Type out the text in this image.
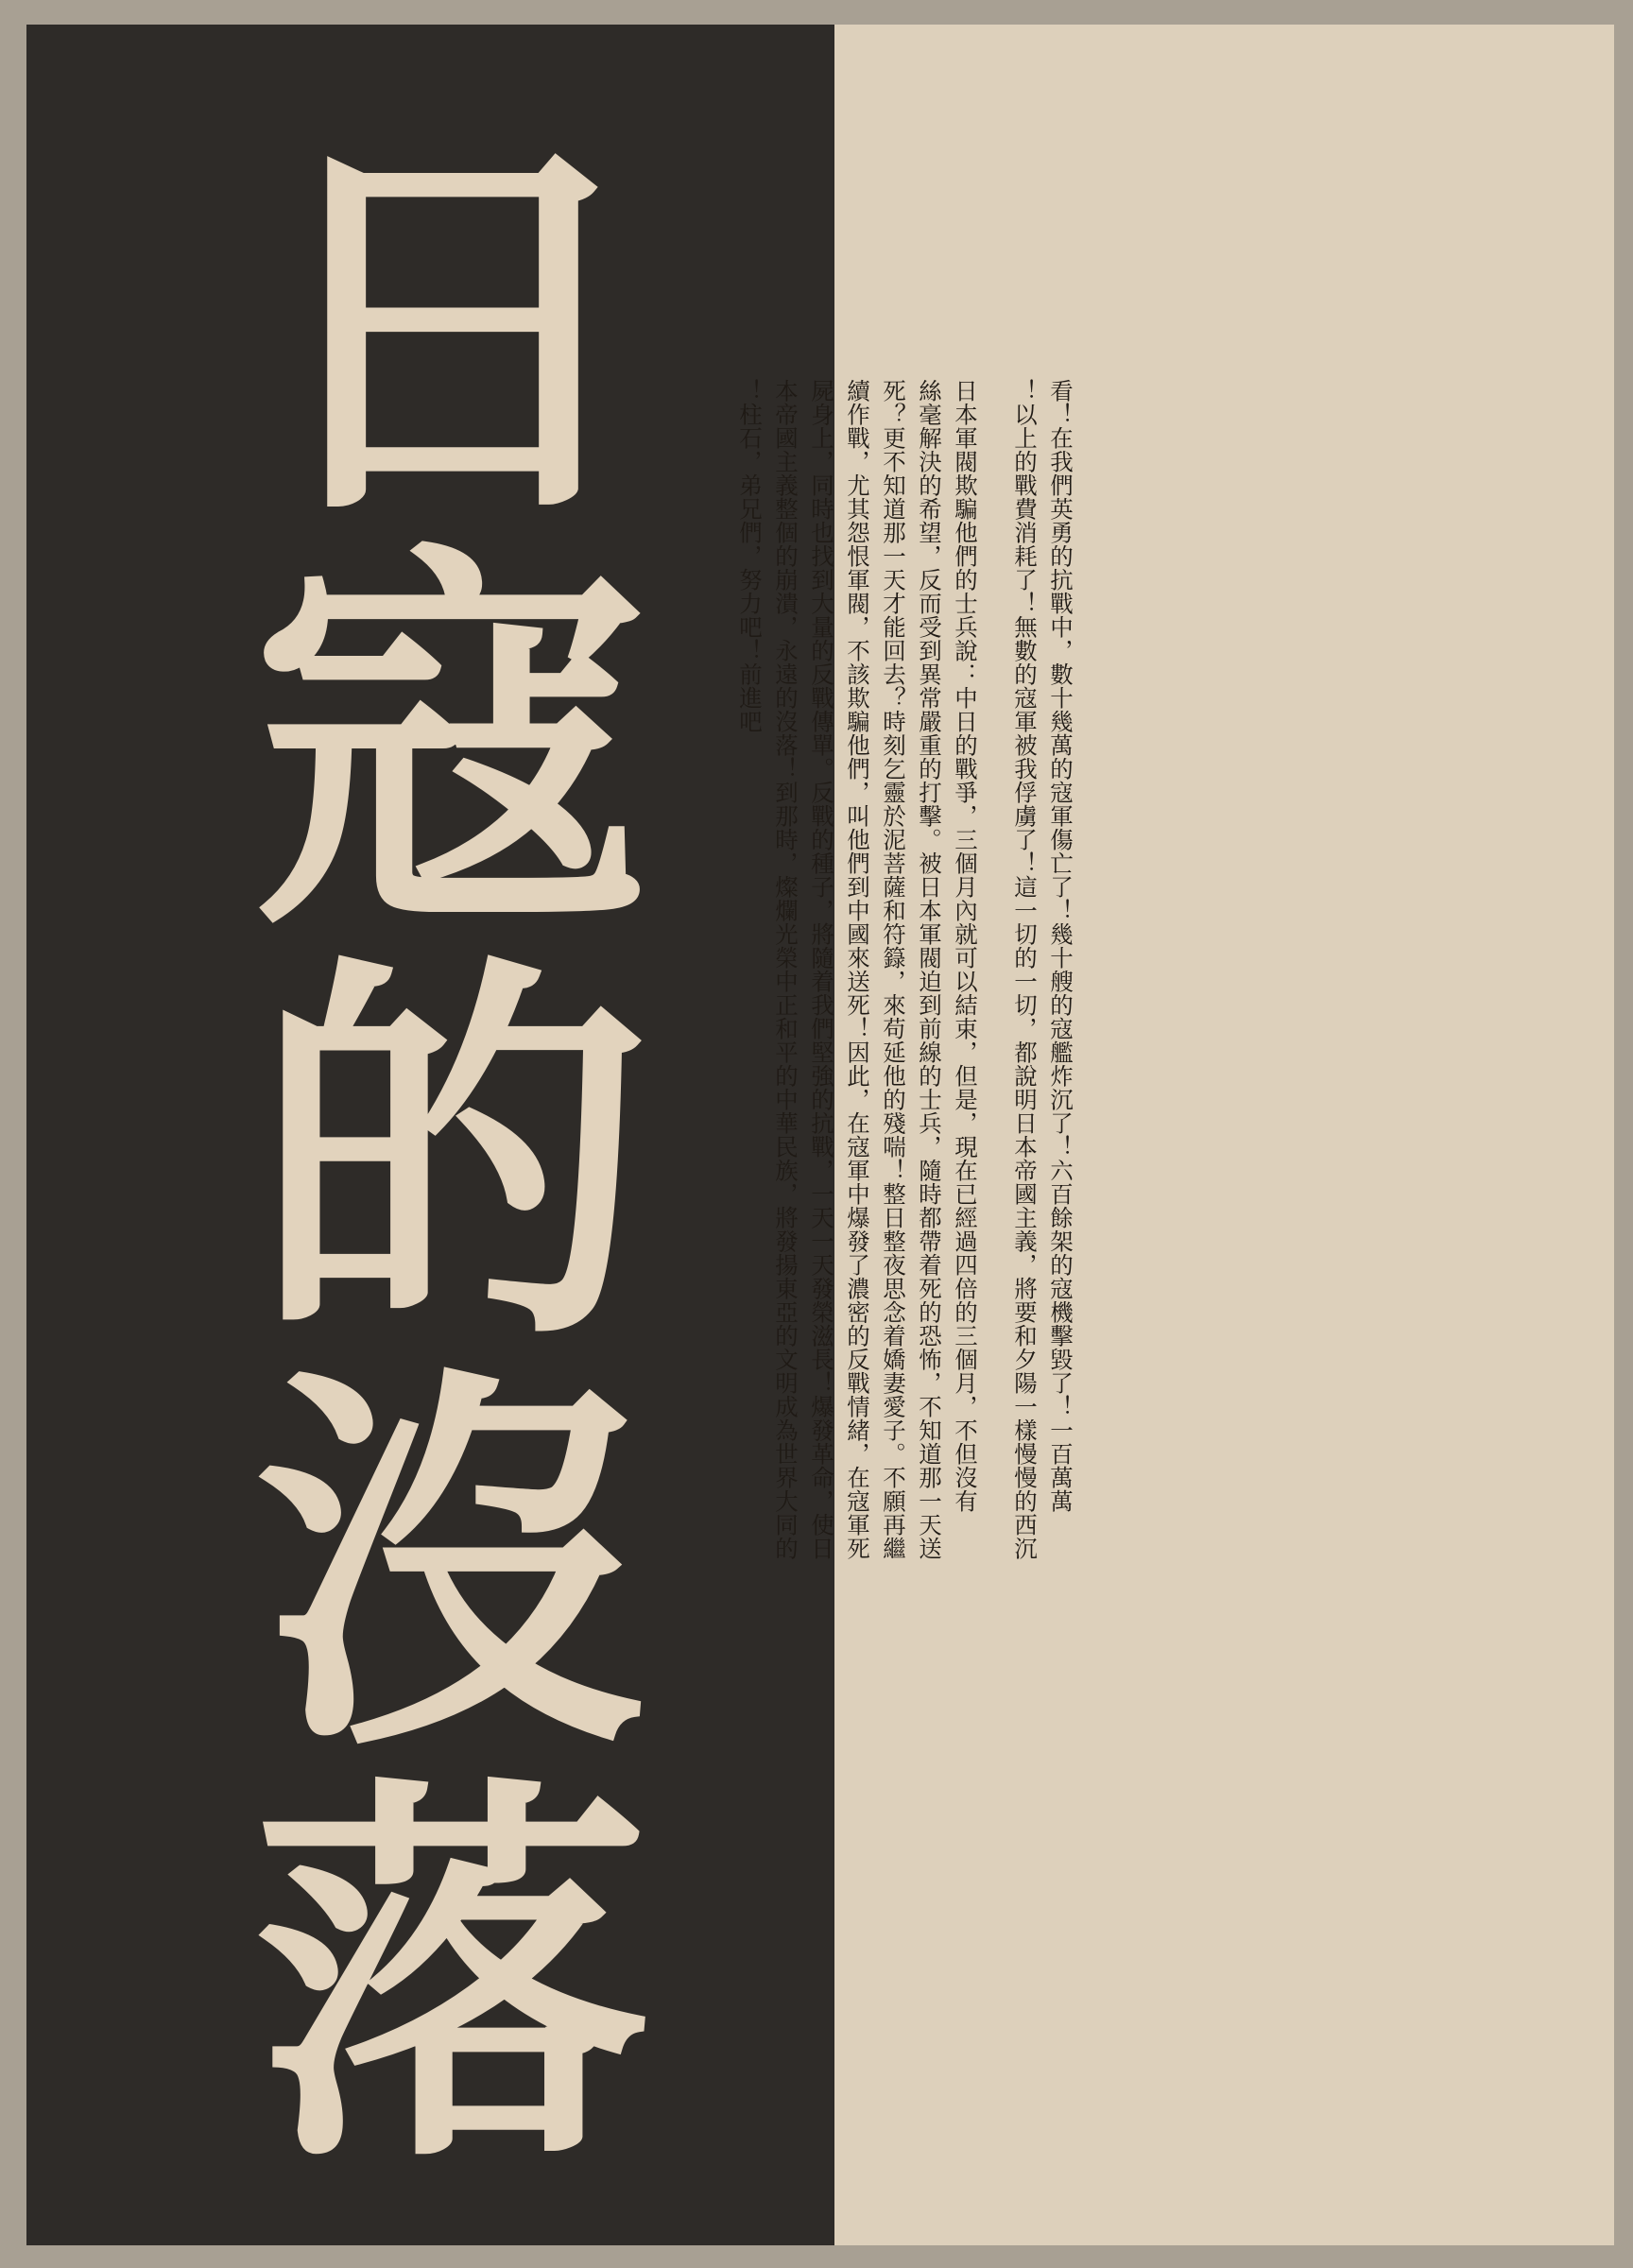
日
寇
的
沒
落
看！在我們英勇的抗戰中，數十幾萬的寇軍傷亡了！幾十艘的寇艦炸沉了！六百餘架的寇機擊毀了！一百萬萬
以上的戰費消耗了！無數的寇軍被我俘虜了！這一切的一切，都說明日本帝國主義，將要和夕陽一樣慢慢的西沉！
日本軍閥欺騙他們的士兵說：中日的戰爭，三個月內就可以結束，但是，現在已經過四倍的三個月，不但沒有
絲毫解決的希望，反而受到異常嚴重的打擊。被日本軍閥迫到前線的士兵，隨時都帶着死的恐怖，不知道那一天送
死？更不知道那一天才能回去？時刻乞靈於泥菩薩和符籙，來苟延他的殘喘！整日整夜思念着嬌妻愛子。不願再繼
續作戰，尤其怨恨軍閥，不該欺騙他們，叫他們到中國來送死！因此，在寇軍中爆發了濃密的反戰情緒，在寇軍死
屍身上，同時也找到大量的反戰傳單。反戰的種子，將隨着我們堅強的抗戰，一天一天發榮滋長！爆發革命，使日
本帝國主義整個的崩潰，永遠的沒落！到那時，燦爛光榮中正和平的中華民族，將發揚東亞的文明成為世界大同的
柱石，弟兄們，努力吧！前進吧！
